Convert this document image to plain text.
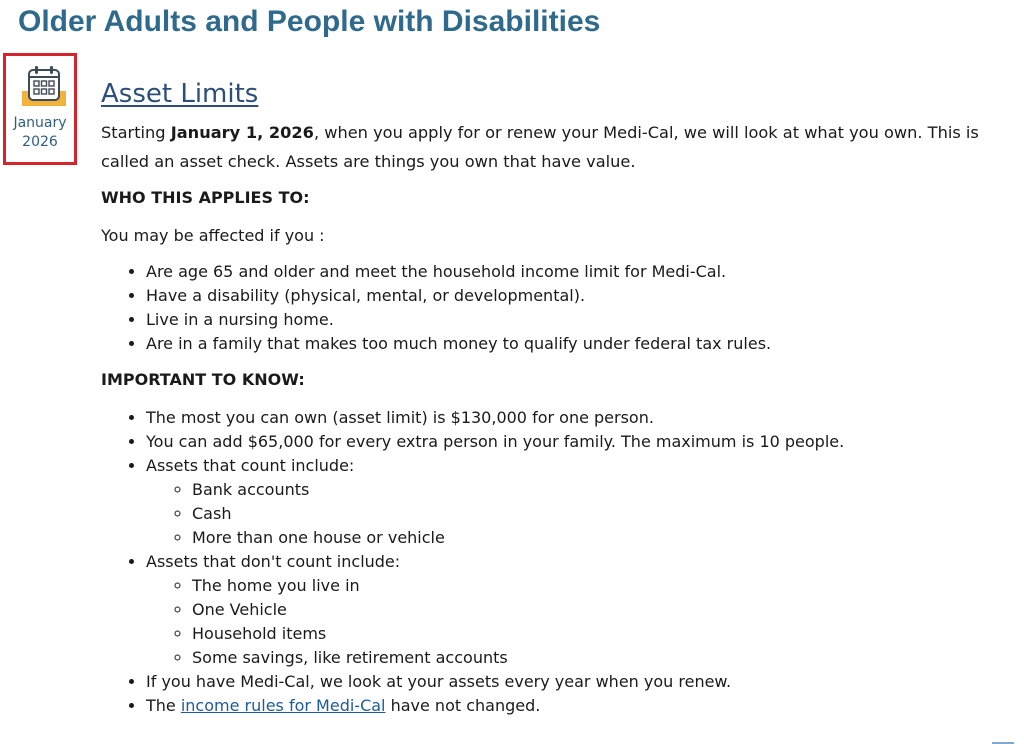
Older Adults and People with Disabilities
January
2026
Asset Limits

Starting January 1, 2026, when you apply for or renew your Medi-Cal, we will look at what you own. This is called an asset check. Assets are things you own that have value.

WHO THIS APPLIES TO:

You may be affected if you :

• Are age 65 and older and meet the household income limit for Medi-Cal.
• Have a disability (physical, mental, or developmental).
• Live in a nursing home.
• Are in a family that makes too much money to qualify under federal tax rules.

IMPORTANT TO KNOW:

• The most you can own (asset limit) is $130,000 for one person.
• You can add $65,000 for every extra person in your family. The maximum is 10 people.
• Assets that count include:
◦ Bank accounts
◦ Cash
◦ More than one house or vehicle
• Assets that don't count include:
◦ The home you live in
◦ One Vehicle
◦ Household items
◦ Some savings, like retirement accounts
• If you have Medi-Cal, we look at your assets every year when you renew.
• The income rules for Medi-Cal have not changed.
